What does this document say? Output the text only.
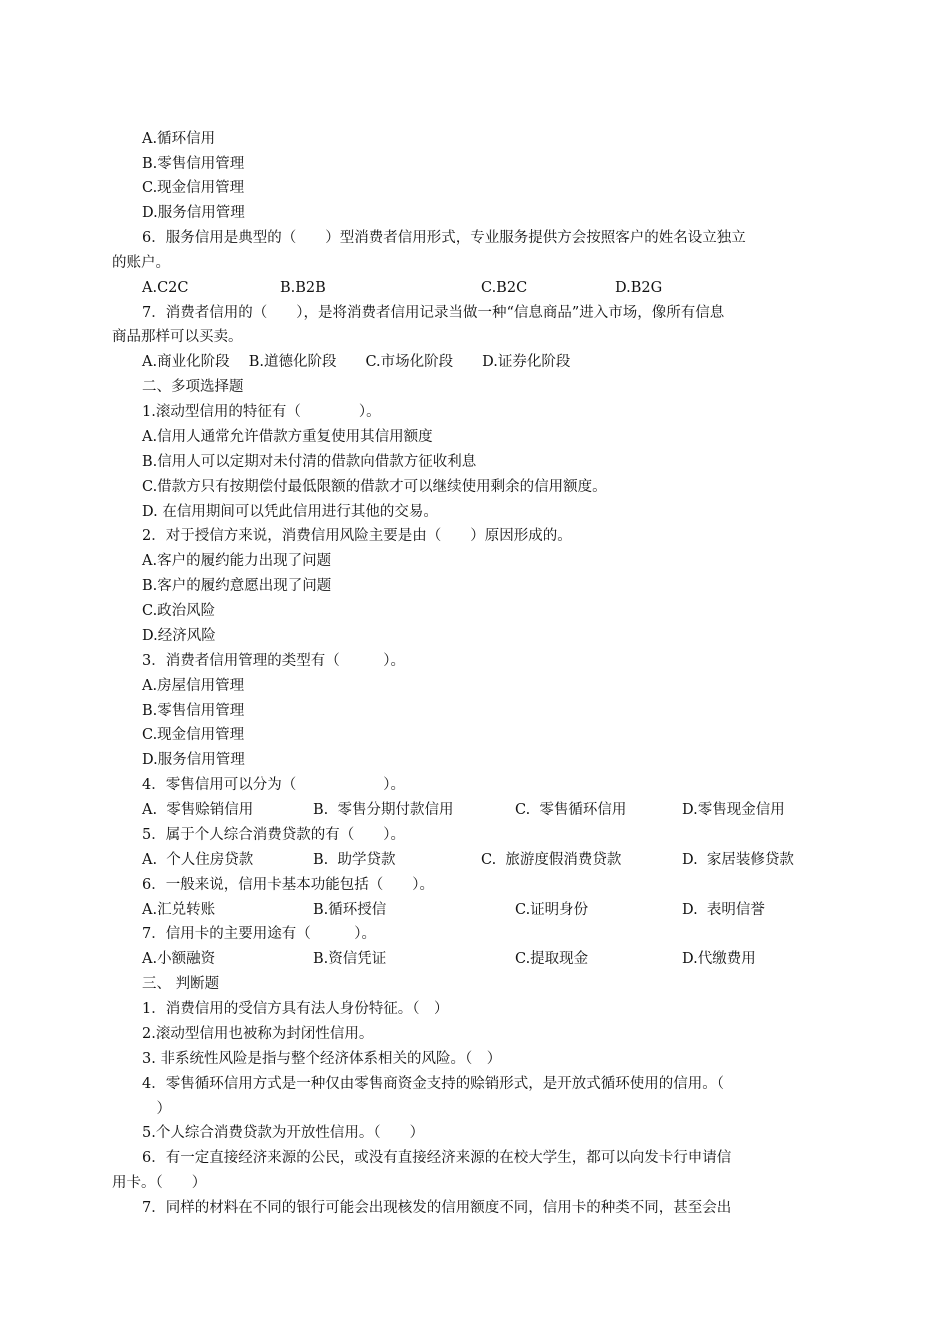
A.循环信用
B.零售信用管理
C.现金信用管理
D.服务信用管理
6．服务信用是典型的（　　）型消费者信用形式，专业服务提供方会按照客户的姓名设立独立
的账户。
A.C2C	B.B2B	C.B2C	D.B2G
7．消费者信用的（　　），是将消费者信用记录当做一种“信息商品”进入市场，像所有信息
商品那样可以买卖。
A.商业化阶段　 B.道德化阶段　　C.市场化阶段　　D.证券化阶段
二、多项选择题
1.滚动型信用的特征有（　　　　）。
A.信用人通常允许借款方重复使用其信用额度
B.信用人可以定期对未付清的借款向借款方征收利息
C.借款方只有按期偿付最低限额的借款才可以继续使用剩余的信用额度。
D. 在信用期间可以凭此信用进行其他的交易。
2．对于授信方来说，消费信用风险主要是由（　　）原因形成的。
A.客户的履约能力出现了问题
B.客户的履约意愿出现了问题
C.政治风险
D.经济风险
3．消费者信用管理的类型有（　　　）。
A.房屋信用管理
B.零售信用管理
C.现金信用管理
D.服务信用管理
4．零售信用可以分为（　　　　　　）。
A.  零售赊销信用	B.  零售分期付款信用	C.  零售循环信用	D.零售现金信用
5．属于个人综合消费贷款的有（　　）。
A.  个人住房贷款	B.  助学贷款	C.  旅游度假消费贷款	D.  家居装修贷款
6．一般来说，信用卡基本功能包括（　　）。
A.汇兑转账	B.循环授信	C.证明身份	D.  表明信誉
7．信用卡的主要用途有（　　　）。
A.小额融资	B.资信凭证	C.提取现金	D.代缴费用
三、 判断题
1．消费信用的受信方具有法人身份特征。（　）
2.滚动型信用也被称为封闭性信用。
3. 非系统性风险是指与整个经济体系相关的风险。（　）
4．零售循环信用方式是一种仅由零售商资金支持的赊销形式，是开放式循环使用的信用。（
　）
5.个人综合消费贷款为开放性信用。（　　）
6．有一定直接经济来源的公民，或没有直接经济来源的在校大学生，都可以向发卡行申请信
用卡。（　　）
7．同样的材料在不同的银行可能会出现核发的信用额度不同，信用卡的种类不同，甚至会出
